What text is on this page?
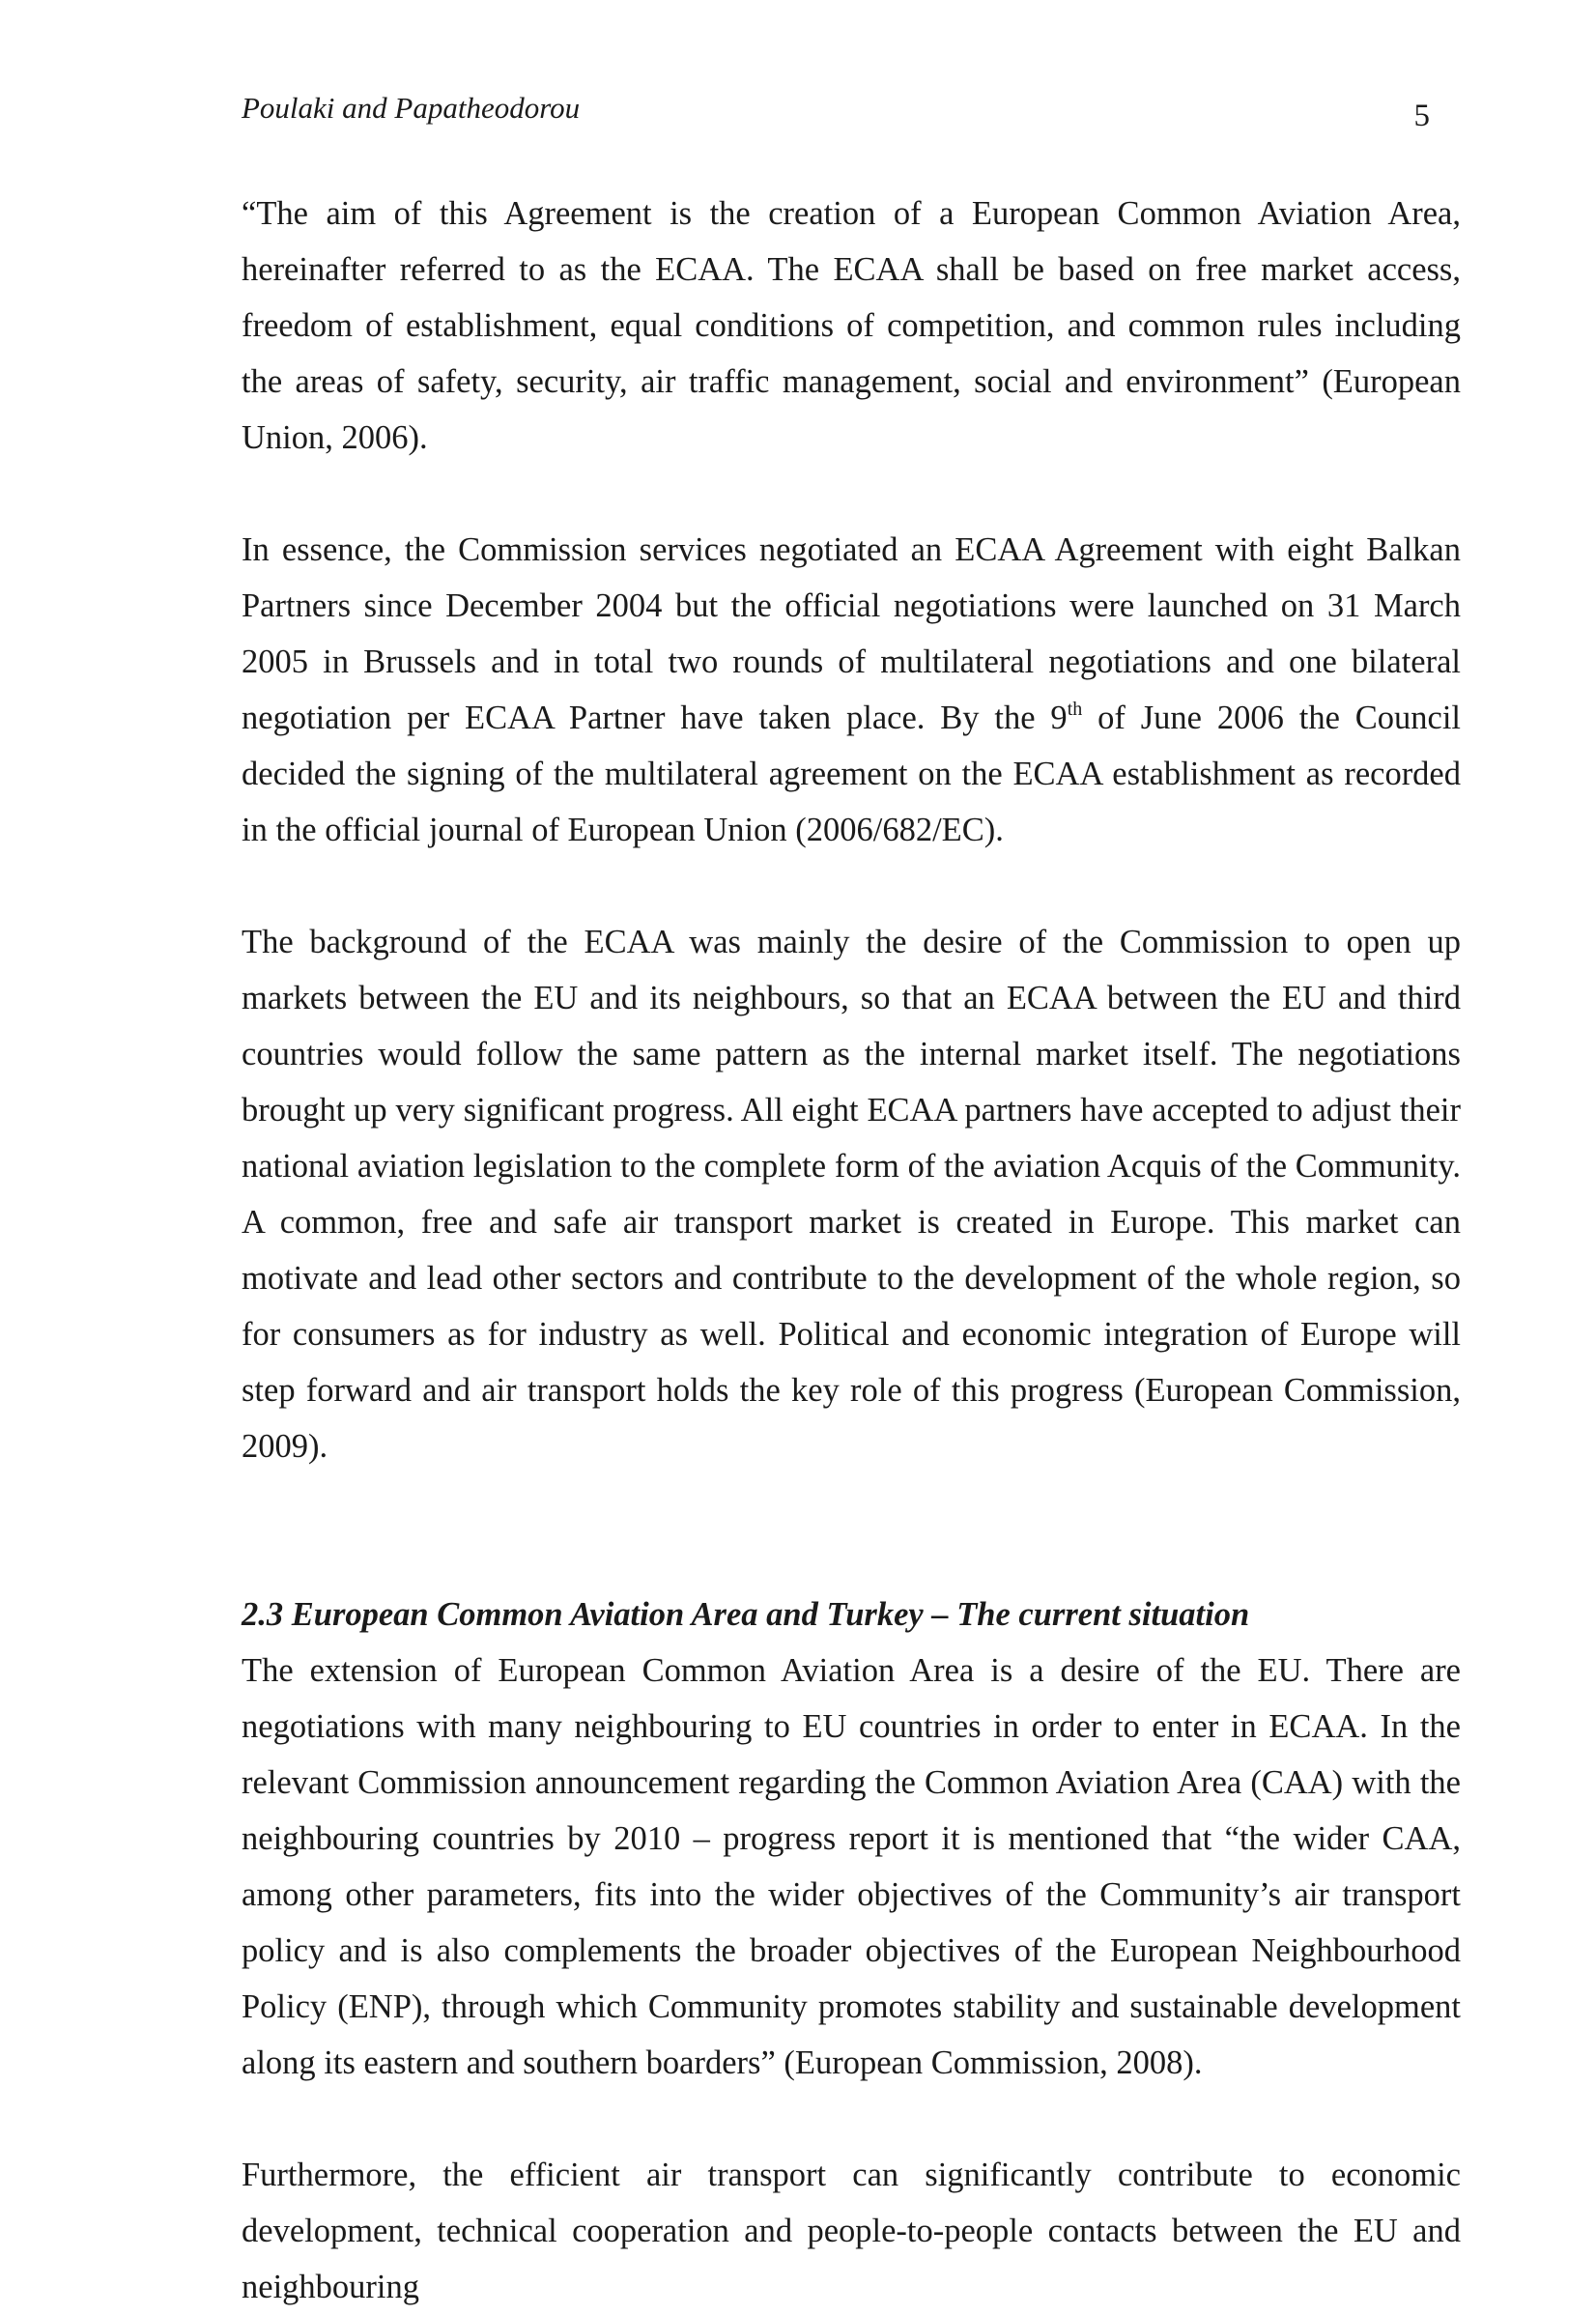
Poulaki and Papatheodorou	5

“The aim of this Agreement is the creation of a European Common Aviation Area, hereinafter referred to as the ECAA. The ECAA shall be based on free market access, freedom of establishment, equal conditions of competition, and common rules including the areas of safety, security, air traffic management, social and environment” (European Union, 2006).

In essence, the Commission services negotiated an ECAA Agreement with eight Balkan Partners since December 2004 but the official negotiations were launched on 31 March 2005 in Brussels and in total two rounds of multilateral negotiations and one bilateral negotiation per ECAA Partner have taken place. By the 9th of June 2006 the Council decided the signing of the multilateral agreement on the ECAA establishment as recorded in the official journal of European Union (2006/682/EC).

The background of the ECAA was mainly the desire of the Commission to open up markets between the EU and its neighbours, so that an ECAA between the EU and third countries would follow the same pattern as the internal market itself. The negotiations brought up very significant progress. All eight ECAA partners have accepted to adjust their national aviation legislation to the complete form of the aviation Acquis of the Community. A common, free and safe air transport market is created in Europe. This market can motivate and lead other sectors and contribute to the development of the whole region, so for consumers as for industry as well. Political and economic integration of Europe will step forward and air transport holds the key role of this progress (European Commission, 2009).

2.3 European Common Aviation Area and Turkey – The current situation

The extension of European Common Aviation Area is a desire of the EU. There are negotiations with many neighbouring to EU countries in order to enter in ECAA. In the relevant Commission announcement regarding the Common Aviation Area (CAA) with the neighbouring countries by 2010 – progress report it is mentioned that “the wider CAA, among other parameters, fits into the wider objectives of the Community’s air transport policy and is also complements the broader objectives of the European Neighbourhood Policy (ENP), through which Community promotes stability and sustainable development along its eastern and southern boarders” (European Commission, 2008).

Furthermore, the efficient air transport can significantly contribute to economic development, technical cooperation and people-to-people contacts between the EU and neighbouring
